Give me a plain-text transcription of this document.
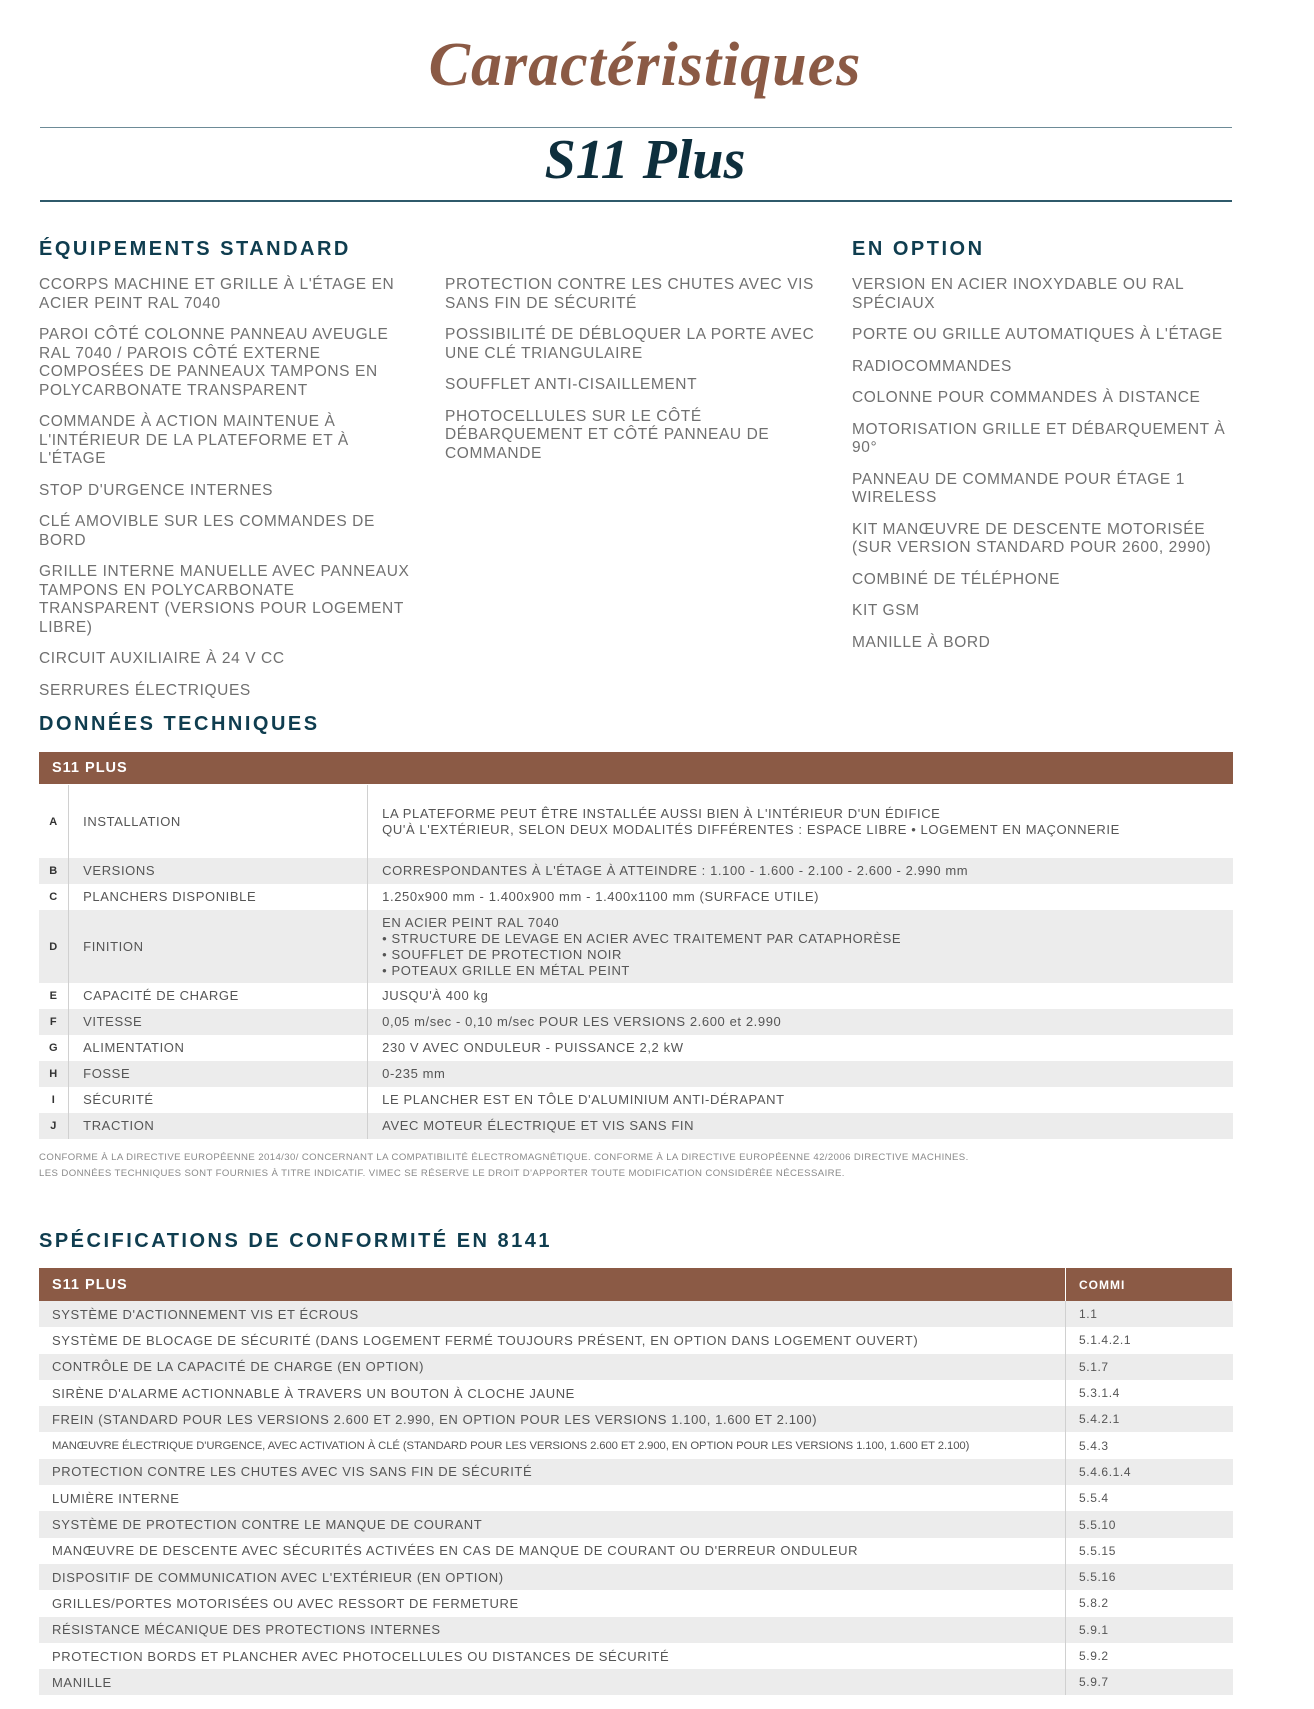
Caractéristiques
S11 Plus
ÉQUIPEMENTS STANDARD
CCORPS MACHINE ET GRILLE À L'ÉTAGE EN ACIER PEINT RAL 7040
PAROI CÔTÉ COLONNE PANNEAU AVEUGLE RAL 7040 / PAROIS CÔTÉ EXTERNE COMPOSÉES DE PANNEAUX TAMPONS EN POLYCARBONATE TRANSPARENT
COMMANDE À ACTION MAINTENUE À L'INTÉRIEUR DE LA PLATEFORME ET À L'ÉTAGE
STOP D'URGENCE INTERNES
CLÉ AMOVIBLE SUR LES COMMANDES DE BORD
GRILLE INTERNE MANUELLE AVEC PANNEAUX TAMPONS EN POLYCARBONATE TRANSPARENT (VERSIONS POUR LOGEMENT LIBRE)
CIRCUIT AUXILIAIRE À 24 V CC
SERRURES ÉLECTRIQUES
PROTECTION CONTRE LES CHUTES AVEC VIS SANS FIN DE SÉCURITÉ
POSSIBILITÉ DE DÉBLOQUER LA PORTE AVEC UNE CLÉ TRIANGULAIRE
SOUFFLET ANTI-CISAILLEMENT
PHOTOCELLULES SUR LE CÔTÉ DÉBARQUEMENT ET CÔTÉ PANNEAU DE COMMANDE
EN OPTION
VERSION EN ACIER INOXYDABLE OU RAL SPÉCIAUX
PORTE OU GRILLE AUTOMATIQUES À L'ÉTAGE
RADIOCOMMANDES
COLONNE POUR COMMANDES À DISTANCE
MOTORISATION GRILLE ET DÉBARQUEMENT À 90°
PANNEAU DE COMMANDE POUR ÉTAGE 1 WIRELESS
KIT MANŒUVRE DE DESCENTE MOTORISÉE (SUR VERSION STANDARD POUR 2600, 2990)
COMBINÉ DE TÉLÉPHONE
KIT GSM
MANILLE À BORD
DONNÉES TECHNIQUES
S11 PLUS
A	INSTALLATION	LA PLATEFORME PEUT ÊTRE INSTALLÉE AUSSI BIEN À L'INTÉRIEUR D'UN ÉDIFICE
QU'À L'EXTÉRIEUR, SELON DEUX MODALITÉS DIFFÉRENTES : ESPACE LIBRE • LOGEMENT EN MAÇONNERIE
B	VERSIONS	CORRESPONDANTES À L'ÉTAGE À ATTEINDRE : 1.100 - 1.600 - 2.100 - 2.600 - 2.990 mm
C	PLANCHERS DISPONIBLE	1.250x900 mm - 1.400x900 mm - 1.400x1100 mm (SURFACE UTILE)
D	FINITION	EN ACIER PEINT RAL 7040
• STRUCTURE DE LEVAGE EN ACIER AVEC TRAITEMENT PAR CATAPHORÈSE
• SOUFFLET DE PROTECTION NOIR
• POTEAUX GRILLE EN MÉTAL PEINT
E	CAPACITÉ DE CHARGE	JUSQU'À 400 kg
F	VITESSE	0,05 m/sec - 0,10 m/sec POUR LES VERSIONS 2.600 et 2.990
G	ALIMENTATION	230 V AVEC ONDULEUR - PUISSANCE 2,2 kW
H	FOSSE	0-235 mm
I	SÉCURITÉ	LE PLANCHER EST EN TÔLE D'ALUMINIUM ANTI-DÉRAPANT
J	TRACTION	AVEC MOTEUR ÉLECTRIQUE ET VIS SANS FIN
CONFORME À LA DIRECTIVE EUROPÉENNE 2014/30/ CONCERNANT LA COMPATIBILITÉ ÉLECTROMAGNÉTIQUE. CONFORME À LA DIRECTIVE EUROPÉENNE 42/2006 DIRECTIVE MACHINES.
LES DONNÉES TECHNIQUES SONT FOURNIES À TITRE INDICATIF. VIMEC SE RÉSERVE LE DROIT D'APPORTER TOUTE MODIFICATION CONSIDÉRÉE NÉCESSAIRE.
SPÉCIFICATIONS DE CONFORMITÉ EN 8141
S11 PLUS	COMMI
SYSTÈME D'ACTIONNEMENT VIS ET ÉCROUS	1.1
SYSTÈME DE BLOCAGE DE SÉCURITÉ (DANS LOGEMENT FERMÉ TOUJOURS PRÉSENT, EN OPTION DANS LOGEMENT OUVERT)	5.1.4.2.1
CONTRÔLE DE LA CAPACITÉ DE CHARGE (EN OPTION)	5.1.7
SIRÈNE D'ALARME ACTIONNABLE À TRAVERS UN BOUTON À CLOCHE JAUNE	5.3.1.4
FREIN (STANDARD POUR LES VERSIONS 2.600 ET 2.990, EN OPTION POUR LES VERSIONS 1.100, 1.600 ET 2.100)	5.4.2.1
MANŒUVRE ÉLECTRIQUE D'URGENCE, AVEC ACTIVATION À CLÉ (STANDARD POUR LES VERSIONS 2.600 ET 2.900, EN OPTION POUR LES VERSIONS 1.100, 1.600 ET 2.100)	5.4.3
PROTECTION CONTRE LES CHUTES AVEC VIS SANS FIN DE SÉCURITÉ	5.4.6.1.4
LUMIÈRE INTERNE	5.5.4
SYSTÈME DE PROTECTION CONTRE LE MANQUE DE COURANT	5.5.10
MANŒUVRE DE DESCENTE AVEC SÉCURITÉS ACTIVÉES EN CAS DE MANQUE DE COURANT OU D'ERREUR ONDULEUR	5.5.15
DISPOSITIF DE COMMUNICATION AVEC L'EXTÉRIEUR (EN OPTION)	5.5.16
GRILLES/PORTES MOTORISÉES OU AVEC RESSORT DE FERMETURE	5.8.2
RÉSISTANCE MÉCANIQUE DES PROTECTIONS INTERNES	5.9.1
PROTECTION BORDS ET PLANCHER AVEC PHOTOCELLULES OU DISTANCES DE SÉCURITÉ	5.9.2
MANILLE	5.9.7
